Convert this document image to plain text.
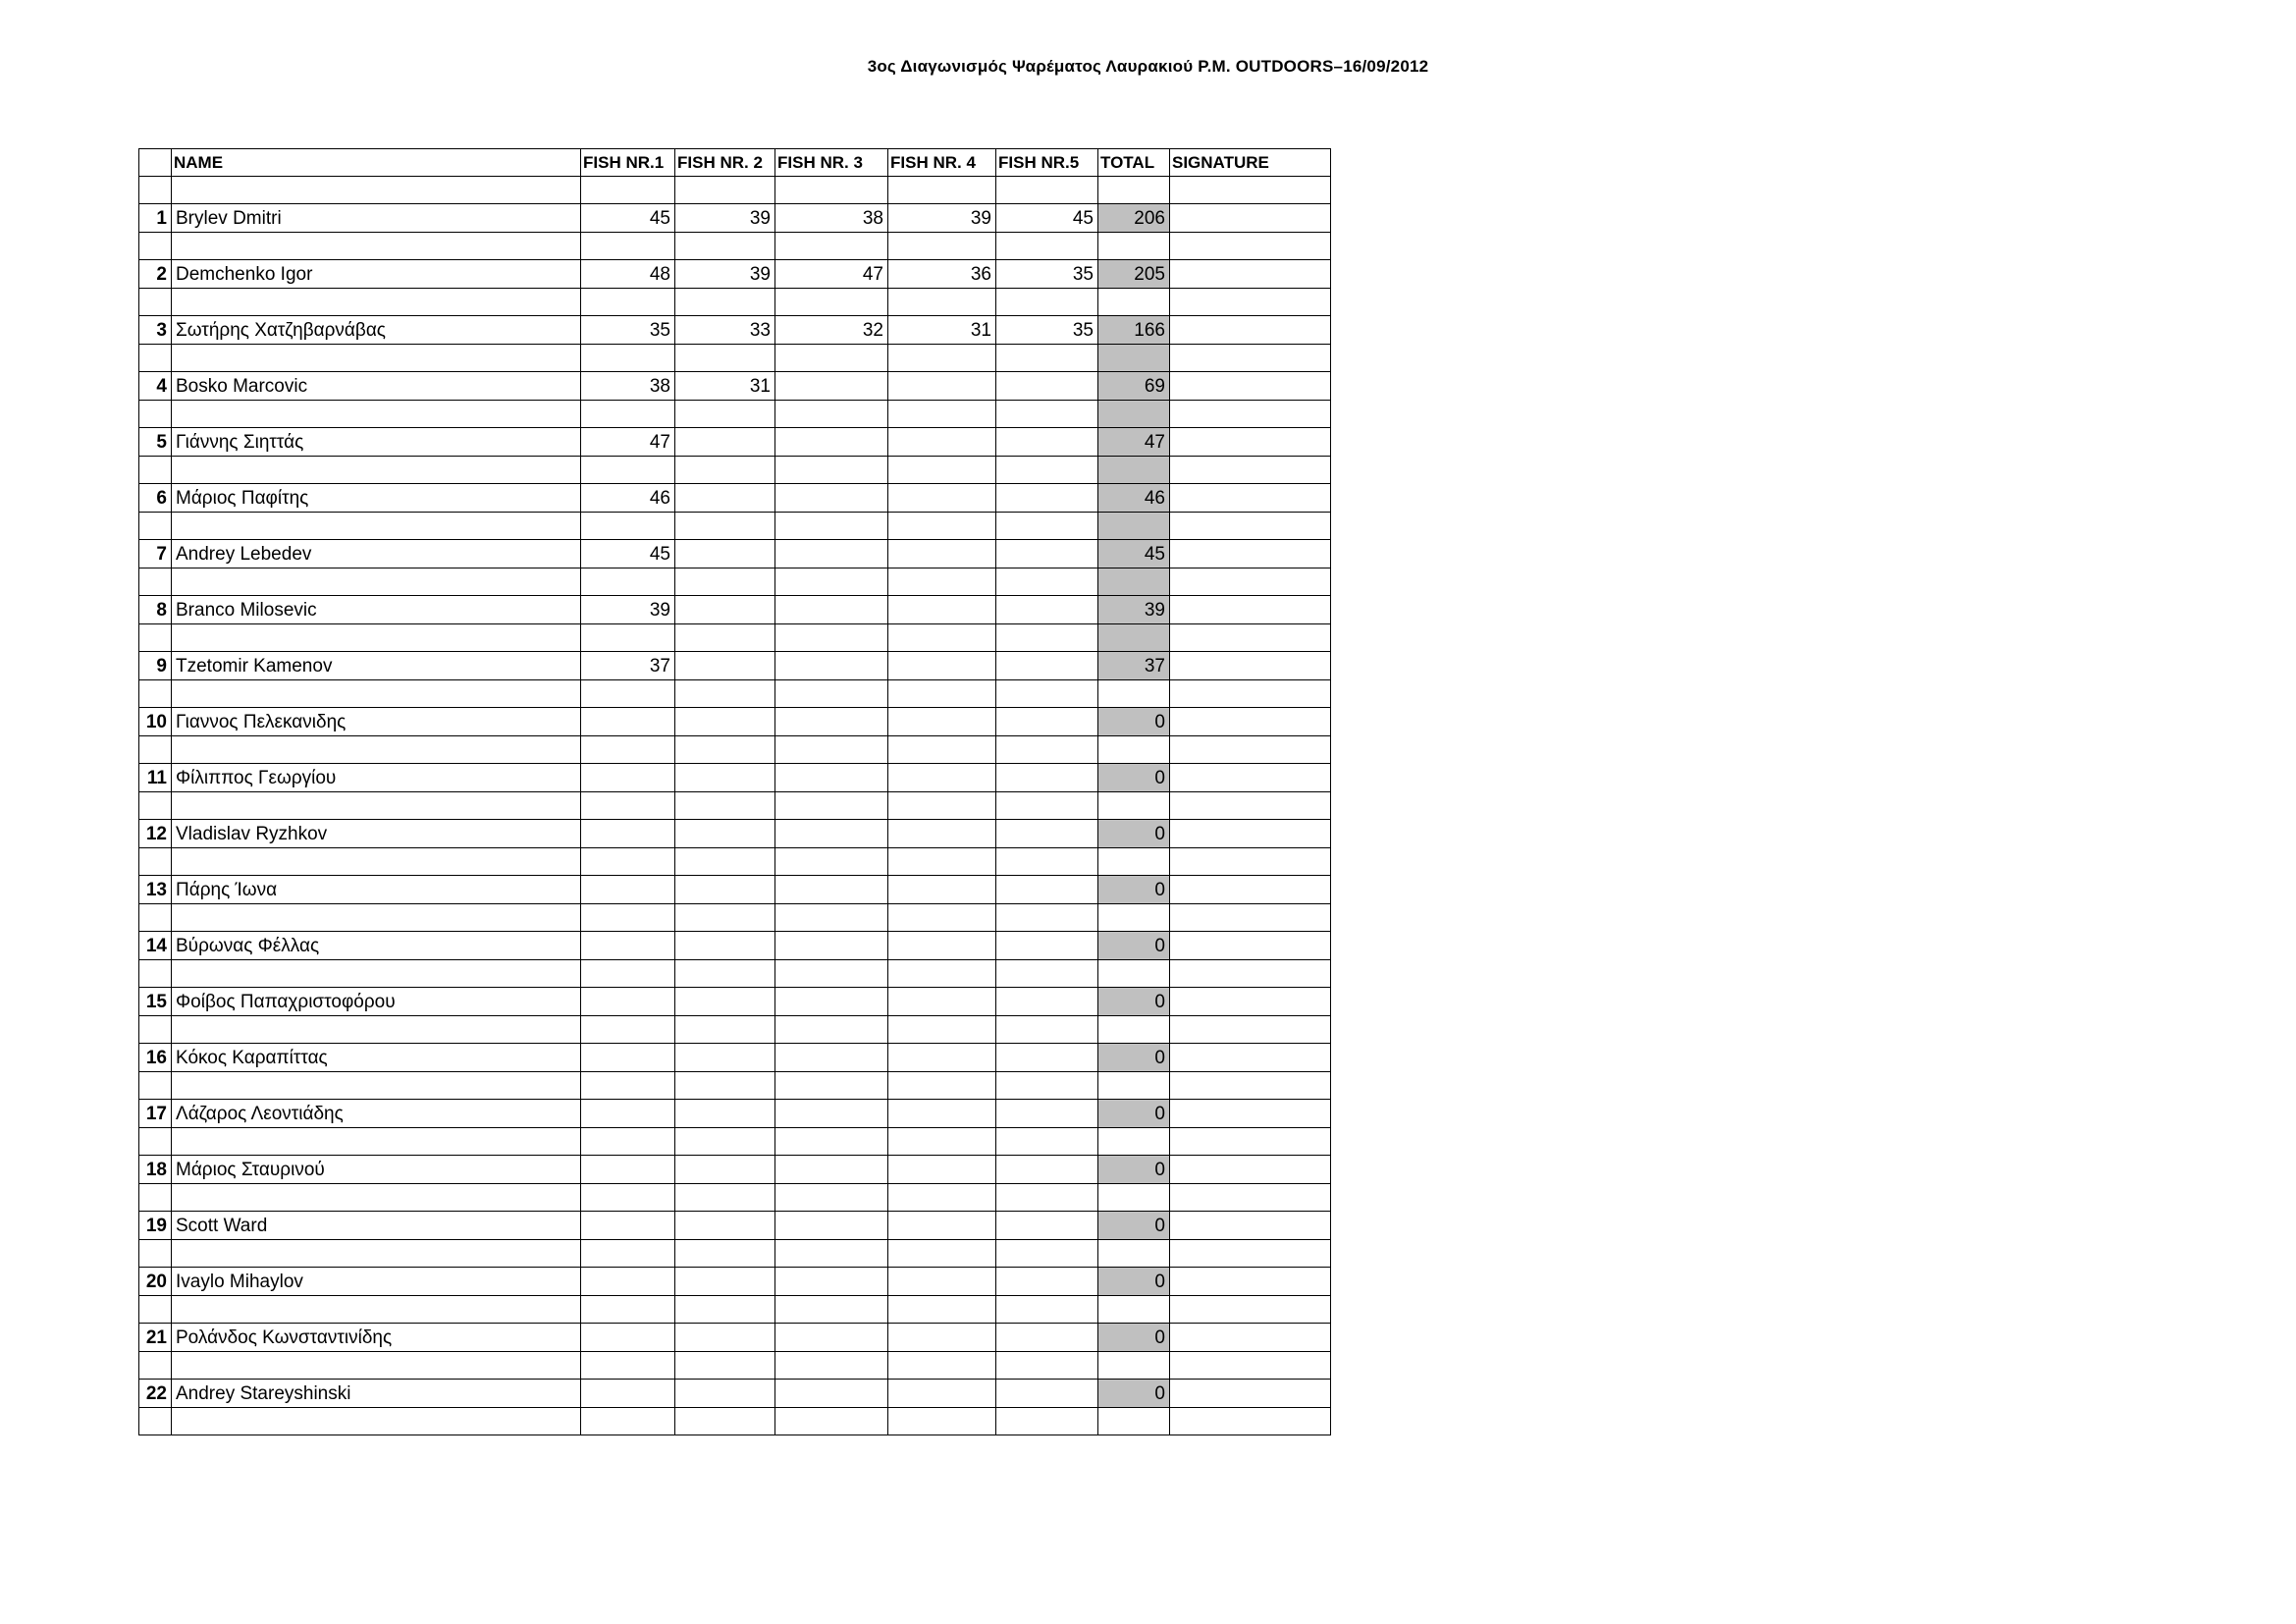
3ος Διαγωνισμός Ψαρέματος Λαυρακιού P.M. OUTDOORS–16/09/2012
	NAME	FISH NR.1	FISH NR. 2	FISH NR. 3	FISH NR. 4	FISH NR.5	TOTAL	SIGNATURE

1	Brylev Dmitri	45	39	38	39	45	206	

2	Demchenko Igor	48	39	47	36	35	205	

3	Σωτήρης Χατζηβαρνάβας	35	33	32	31	35	166	

4	Bosko Marcovic	38	31				69	

5	Γιάννης Σιηττάς	47					47	

6	Μάριος Παφίτης	46					46	

7	Andrey Lebedev	45					45	

8	Branco Milosevic	39					39	

9	Tzetomir Kamenov	37					37	

10	Γιαννος Πελεκανιδης						0	

11	Φίλιππος Γεωργίου						0	

12	Vladislav Ryzhkov						0	

13	Πάρης Ίωνα						0	

14	Βύρωνας Φέλλας						0	

15	Φοίβος Παπαχριστοφόρου						0	

16	Κόκος Καραπίττας						0	

17	Λάζαρος Λεοντιάδης						0	

18	Μάριος Σταυρινού						0	

19	Scott Ward						0	

20	Ivaylo Mihaylov						0	

21	Ρολάνδος Κωνσταντινίδης						0	

22	Andrey Stareyshinski						0	
